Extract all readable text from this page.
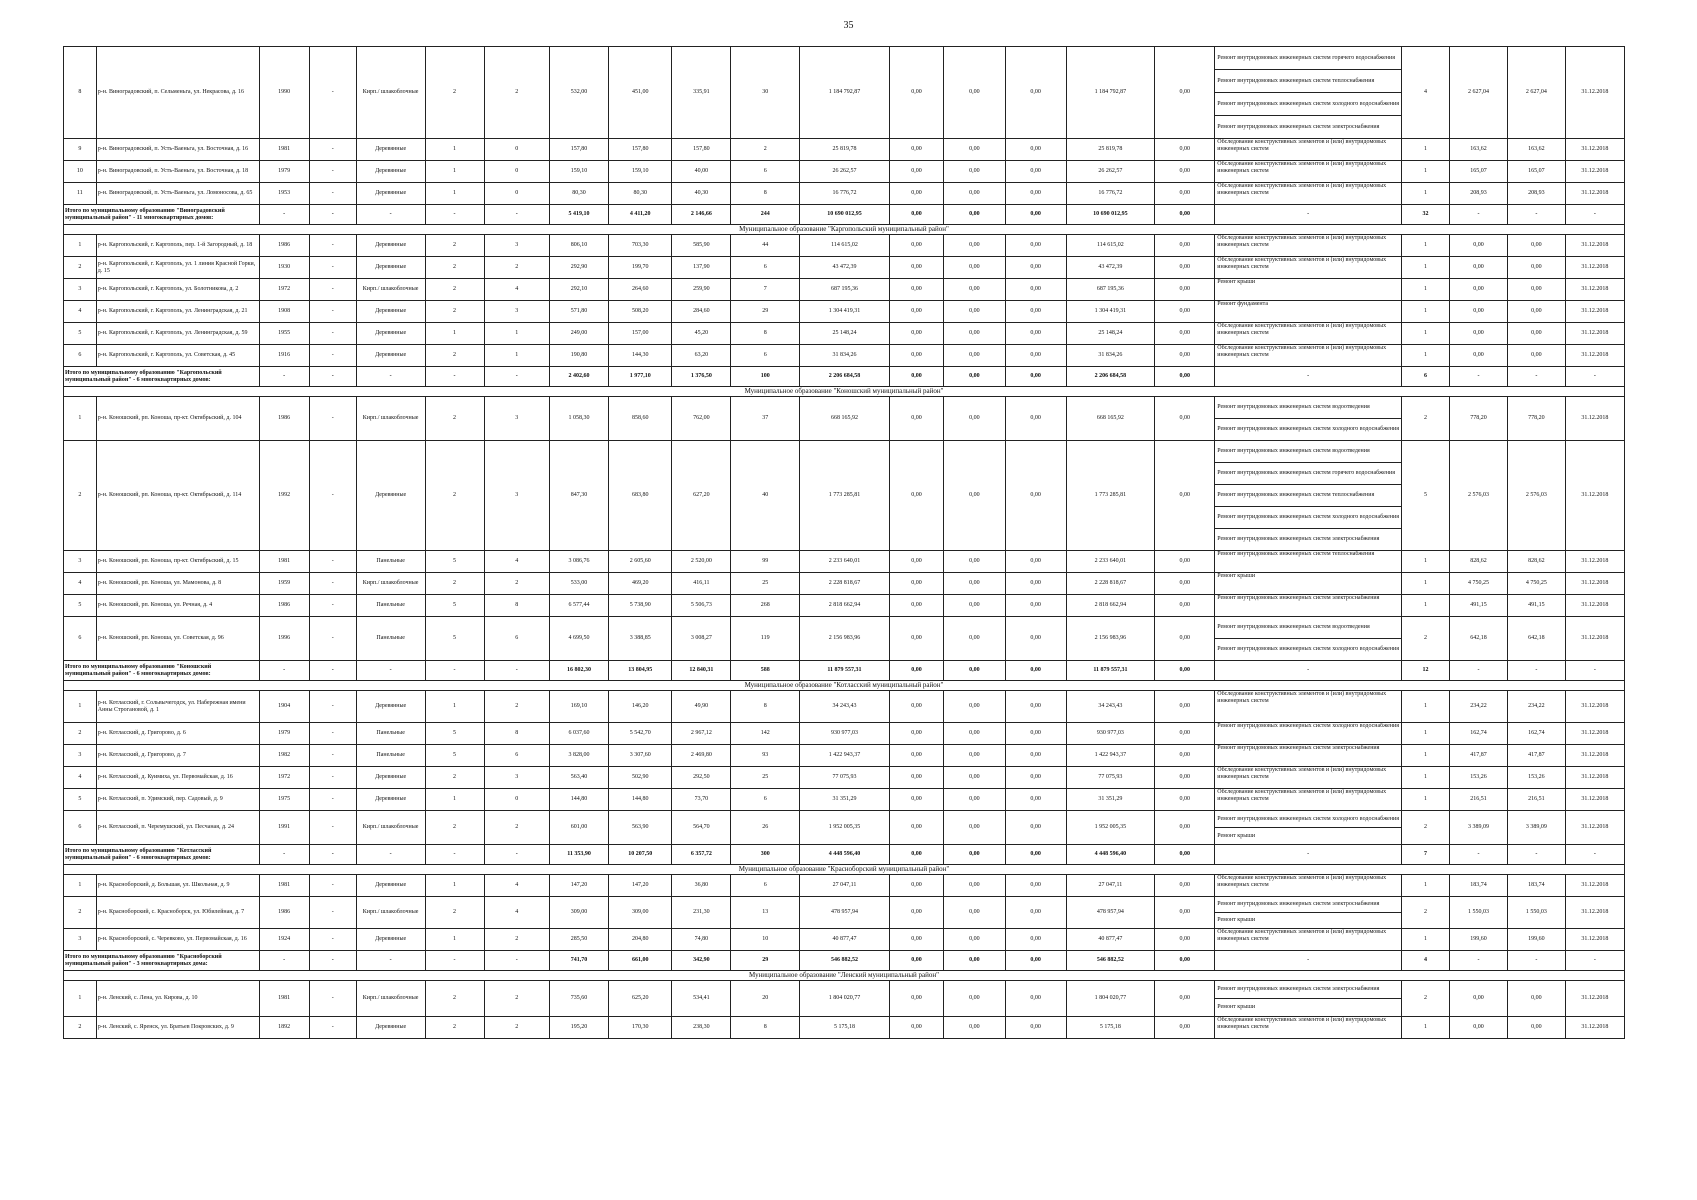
35
8	р-н. Виноградовский, п. Сельменьга, ул. Некрасова, д. 16	1990	-	Кирп./ шлакоблочные	2	2	532,00	451,00	335,91	30	1 184 792,87	0,00	0,00	0,00	1 184 792,87	0,00	Ремонт внутридомовых инженерных систем горячего водоснабжения
Ремонт внутридомовых инженерных систем теплоснабжения
Ремонт внутридомовых инженерных систем холодного водоснабжения
Ремонт внутридомовых инженерных систем электроснабжения	4	2 627,04	2 627,04	31.12.2018
9	р-н. Виноградовский, п. Усть-Ваеньга, ул. Восточная, д. 16	1981	-	Деревянные	1	0	157,80	157,80	157,80	2	25 819,78	0,00	0,00	0,00	25 819,78	0,00	Обследование конструктивных элементов и (или) внутридомовых инженерных систем	1	163,62	163,62	31.12.2018
10	р-н. Виноградовский, п. Усть-Ваеньга, ул. Восточная, д. 18	1979	-	Деревянные	1	0	159,10	159,10	40,00	6	26 262,57	0,00	0,00	0,00	26 262,57	0,00	Обследование конструктивных элементов и (или) внутридомовых инженерных систем	1	165,07	165,07	31.12.2018
11	р-н. Виноградовский, п. Усть-Ваеньга, ул. Ломоносова, д. 65	1953	-	Деревянные	1	0	80,30	80,30	40,30	8	16 776,72	0,00	0,00	0,00	16 776,72	0,00	Обследование конструктивных элементов и (или) внутридомовых инженерных систем	1	208,93	208,93	31.12.2018
Итого по муниципальному образованию "Виноградовский муниципальный район" - 11 многоквартирных домов:		-	-	-	-	-	5 419,10	4 411,20	2 146,66	244	10 690 012,95	0,00	0,00	0,00	10 690 012,95	0,00	-	32	-	-	-
Муниципальное образование "Каргопольский муниципальный район"																					
1	р-н. Каргопольский, г. Каргополь, пер. 1-й Загородный, д. 18	1986	-	Деревянные	2	3	806,10	703,30	585,90	44	114 615,02	0,00	0,00	0,00	114 615,02	0,00	Обследование конструктивных элементов и (или) внутридомовых инженерных систем	1	0,00	0,00	31.12.2018
2	р-н. Каргопольский, г. Каргополь, ул. 1 линия Красной Горки, д. 15	1930	-	Деревянные	2	2	292,90	199,70	137,90	6	43 472,39	0,00	0,00	0,00	43 472,39	0,00	Обследование конструктивных элементов и (или) внутридомовых инженерных систем	1	0,00	0,00	31.12.2018
3	р-н. Каргопольский, г. Каргополь, ул. Болотникова, д. 2	1972	-	Кирп./ шлакоблочные	2	4	292,10	264,60	259,90	7	687 195,36	0,00	0,00	0,00	687 195,36	0,00	Ремонт крыши	1	0,00	0,00	31.12.2018
4	р-н. Каргопольский, г. Каргополь, ул. Ленинградская, д. 21	1908	-	Деревянные	2	3	571,80	508,20	284,60	29	1 304 419,31	0,00	0,00	0,00	1 304 419,31	0,00	Ремонт фундамента	1	0,00	0,00	31.12.2018
5	р-н. Каргопольский, г. Каргополь, ул. Ленинградская, д. 59	1955	-	Деревянные	1	1	249,00	157,00	45,20	8	25 148,24	0,00	0,00	0,00	25 148,24	0,00	Обследование конструктивных элементов и (или) внутридомовых инженерных систем	1	0,00	0,00	31.12.2018
6	р-н. Каргопольский, г. Каргополь, ул. Советская, д. 45	1916	-	Деревянные	2	1	190,80	144,30	63,20	6	31 834,26	0,00	0,00	0,00	31 834,26	0,00	Обследование конструктивных элементов и (или) внутридомовых инженерных систем	1	0,00	0,00	31.12.2018
Итого по муниципальному образованию "Каргопольский муниципальный район" - 6 многоквартирных домов:		-	-	-	-	-	2 402,60	1 977,10	1 376,50	100	2 206 684,58	0,00	0,00	0,00	2 206 684,58	0,00	-	6	-	-	-
Муниципальное образование "Коношский муниципальный район"																					
1	р-н. Коношский, рп. Коноша, пр-кт. Октябрьский, д. 104	1986	-	Кирп./ шлакоблочные	2	3	1 058,30	858,60	762,00	37	668 165,92	0,00	0,00	0,00	668 165,92	0,00	Ремонт внутридомовых инженерных систем водоотведения
Ремонт внутридомовых инженерных систем холодного водоснабжения	2	778,20	778,20	31.12.2018
2	р-н. Коношский, рп. Коноша, пр-кт. Октябрьский, д. 114	1992	-	Деревянные	2	3	847,30	683,80	627,20	40	1 773 285,81	0,00	0,00	0,00	1 773 285,81	0,00	Ремонт внутридомовых инженерных систем водоотведения
Ремонт внутридомовых инженерных систем горячего водоснабжения
Ремонт внутридомовых инженерных систем теплоснабжения
Ремонт внутридомовых инженерных систем холодного водоснабжения
Ремонт внутридомовых инженерных систем электроснабжения	5	2 576,03	2 576,03	31.12.2018
3	р-н. Коношский, рп. Коноша, пр-кт. Октябрьский, д. 15	1981	-	Панельные	5	4	3 086,76	2 605,60	2 520,00	99	2 233 640,01	0,00	0,00	0,00	2 233 640,01	0,00	Ремонт внутридомовых инженерных систем теплоснабжения	1	828,62	828,62	31.12.2018
4	р-н. Коношский, рп. Коноша, ул. Мамонова, д. 8	1959	-	Кирп./ шлакоблочные	2	2	533,00	469,20	416,11	25	2 228 818,67	0,00	0,00	0,00	2 228 818,67	0,00	Ремонт крыши	1	4 750,25	4 750,25	31.12.2018
5	р-н. Коношский, рп. Коноша, ул. Речная, д. 4	1986	-	Панельные	5	8	6 577,44	5 738,90	5 506,73	268	2 818 662,94	0,00	0,00	0,00	2 818 662,94	0,00	Ремонт внутридомовых инженерных систем электроснабжения	1	491,15	491,15	31.12.2018
6	р-н. Коношский, рп. Коноша, ул. Советская, д. 96	1996	-	Панельные	5	6	4 699,50	3 388,85	3 008,27	119	2 156 983,96	0,00	0,00	0,00	2 156 983,96	0,00	Ремонт внутридомовых инженерных систем водоотведения
Ремонт внутридомовых инженерных систем холодного водоснабжения	2	642,18	642,18	31.12.2018
Итого по муниципальному образованию "Коношский муниципальный район" - 6 многоквартирных домов:		-	-	-	-	-	16 802,30	13 804,95	12 840,31	588	11 879 557,31	0,00	0,00	0,00	11 879 557,31	0,00	-	12	-	-	-
Муниципальное образование "Котласский муниципальный район"																					
1	р-н. Котласский, г. Сольвычегодск, ул. Набережная имени Анны Строгановой, д. 1	1904	-	Деревянные	1	2	169,10	146,20	49,90	8	34 243,43	0,00	0,00	0,00	34 243,43	0,00	Обследование конструктивных элементов и (или) внутридомовых инженерных систем	1	234,22	234,22	31.12.2018
2	р-н. Котласский, д. Григорово, д. 6	1979	-	Панельные	5	8	6 037,60	5 542,70	2 967,12	142	930 977,03	0,00	0,00	0,00	930 977,03	0,00	Ремонт внутридомовых инженерных систем холодного водоснабжения	1	162,74	162,74	31.12.2018
3	р-н. Котласский, д. Григорово, д. 7	1982	-	Панельные	5	6	3 828,00	3 307,60	2 469,80	93	1 422 943,37	0,00	0,00	0,00	1 422 943,37	0,00	Ремонт внутридомовых инженерных систем электроснабжения	1	417,87	417,87	31.12.2018
4	р-н. Котласский, д. Куимиха, ул. Первомайская, д. 16	1972	-	Деревянные	2	3	563,40	502,90	292,50	25	77 075,93	0,00	0,00	0,00	77 075,93	0,00	Обследование конструктивных элементов и (или) внутридомовых инженерных систем	1	153,26	153,26	31.12.2018
5	р-н. Котласский, п. Удимский, пер. Садовый, д. 9	1975	-	Деревянные	1	0	144,80	144,80	73,70	6	31 351,29	0,00	0,00	0,00	31 351,29	0,00	Обследование конструктивных элементов и (или) внутридомовых инженерных систем	1	216,51	216,51	31.12.2018
6	р-н. Котласский, п. Черемушский, ул. Песчаная, д. 24	1991	-	Кирп./ шлакоблочные	2	2	601,00	563,90	564,70	26	1 952 005,35	0,00	0,00	0,00	1 952 005,35	0,00	Ремонт внутридомовых инженерных систем холодного водоснабжения
Ремонт крыши	2	3 389,09	3 389,09	31.12.2018
Итого по муниципальному образованию "Котласский муниципальный район" - 6 многоквартирных домов:		-	-	-	-	-	11 353,90	10 207,50	6 357,72	300	4 448 596,40	0,00	0,00	0,00	4 448 596,40	0,00	-	7	-	-	-
Муниципальное образование "Красноборский муниципальный район"																					
1	р-н. Красноборский, д. Большая, ул. Школьная, д. 9	1981	-	Деревянные	1	4	147,20	147,20	36,80	6	27 047,11	0,00	0,00	0,00	27 047,11	0,00	Обследование конструктивных элементов и (или) внутридомовых инженерных систем	1	183,74	183,74	31.12.2018
2	р-н. Красноборский, с. Красноборск, ул. Юбилейная, д. 7	1986	-	Кирп./ шлакоблочные	2	4	309,00	309,00	231,30	13	478 957,94	0,00	0,00	0,00	478 957,94	0,00	Ремонт внутридомовых инженерных систем электроснабжения
Ремонт крыши	2	1 550,03	1 550,03	31.12.2018
3	р-н. Красноборский, с. Черевково, ул. Первомайская, д. 16	1924	-	Деревянные	1	2	285,50	204,80	74,80	10	40 877,47	0,00	0,00	0,00	40 877,47	0,00	Обследование конструктивных элементов и (или) внутридомовых инженерных систем	1	199,60	199,60	31.12.2018
Итого по муниципальному образованию "Красноборский муниципальный район" - 3 многоквартирных дома:		-	-	-	-	-	741,70	661,00	342,90	29	546 882,52	0,00	0,00	0,00	546 882,52	0,00	-	4	-	-	-
Муниципальное образование "Ленский муниципальный район"																					
1	р-н. Ленский, с. Лена, ул. Кирова, д. 10	1981	-	Кирп./ шлакоблочные	2	2	735,60	625,20	534,41	20	1 804 020,77	0,00	0,00	0,00	1 804 020,77	0,00	Ремонт внутридомовых инженерных систем электроснабжения
Ремонт крыши	2	0,00	0,00	31.12.2018
2	р-н. Ленский, с. Яренск, ул. Братьев Покровских, д. 9	1892	-	Деревянные	2	2	195,20	170,30	238,30	8	5 175,18	0,00	0,00	0,00	5 175,18	0,00	Обследование конструктивных элементов и (или) внутридомовых инженерных систем	1	0,00	0,00	31.12.2018
